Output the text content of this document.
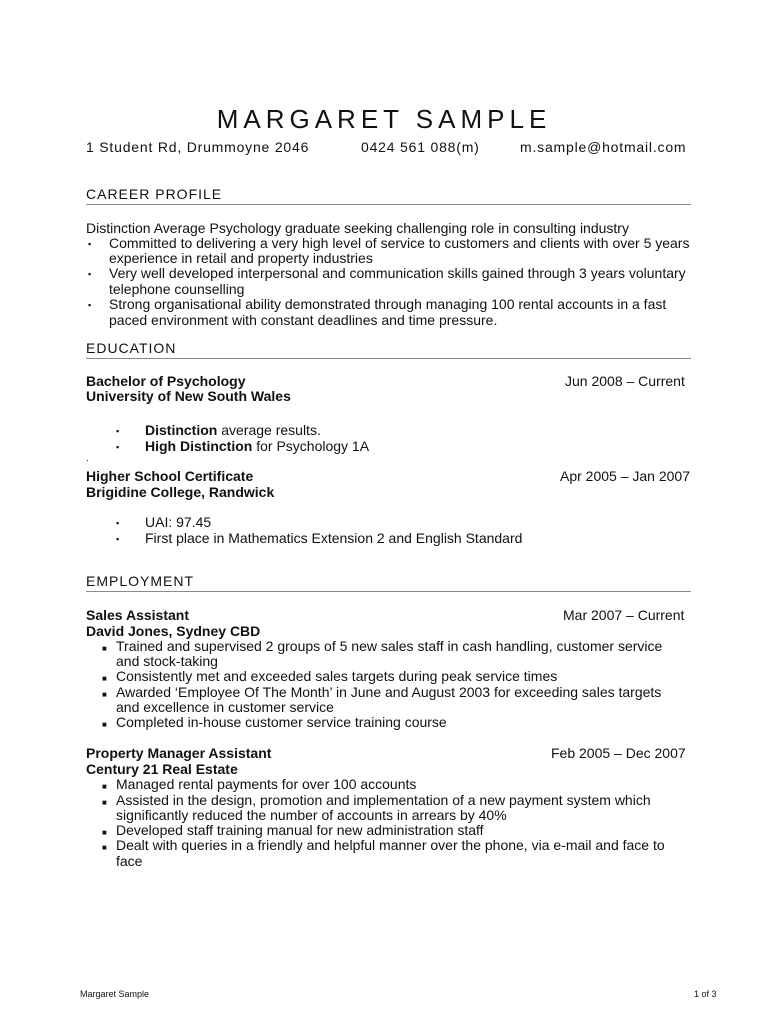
MARGARET SAMPLE
1 Student Rd, Drummoyne 2046	0424 561 088(m)	m.sample@hotmail.com
CAREER PROFILE
Distinction Average Psychology graduate seeking challenging role in consulting industry
▪ Committed to delivering a very high level of service to customers and clients with over 5 years
experience in retail and property industries
▪ Very well developed interpersonal and communication skills gained through 3 years voluntary
telephone counselling
▪ Strong organisational ability demonstrated through managing 100 rental accounts in a fast
paced environment with constant deadlines and time pressure.
EDUCATION
Bachelor of Psychology	Jun 2008 – Current
University of New South Wales
▪ Distinction average results.
▪ High Distinction for Psychology 1A
.
Higher School Certificate	Apr 2005 – Jan 2007
Brigidine College, Randwick
▪ UAI: 97.45
▪ First place in Mathematics Extension 2 and English Standard
EMPLOYMENT
Sales Assistant	Mar 2007 – Current
David Jones, Sydney CBD
■ Trained and supervised 2 groups of 5 new sales staff in cash handling, customer service
and stock-taking
■ Consistently met and exceeded sales targets during peak service times
■ Awarded ‘Employee Of The Month’ in June and August 2003 for exceeding sales targets
and excellence in customer service
■ Completed in-house customer service training course
Property Manager Assistant	Feb 2005 – Dec 2007
Century 21 Real Estate
■ Managed rental payments for over 100 accounts
■ Assisted in the design, promotion and implementation of a new payment system which
significantly reduced the number of accounts in arrears by 40%
■ Developed staff training manual for new administration staff
■ Dealt with queries in a friendly and helpful manner over the phone, via e-mail and face to
face
Margaret Sample	1 of 3
